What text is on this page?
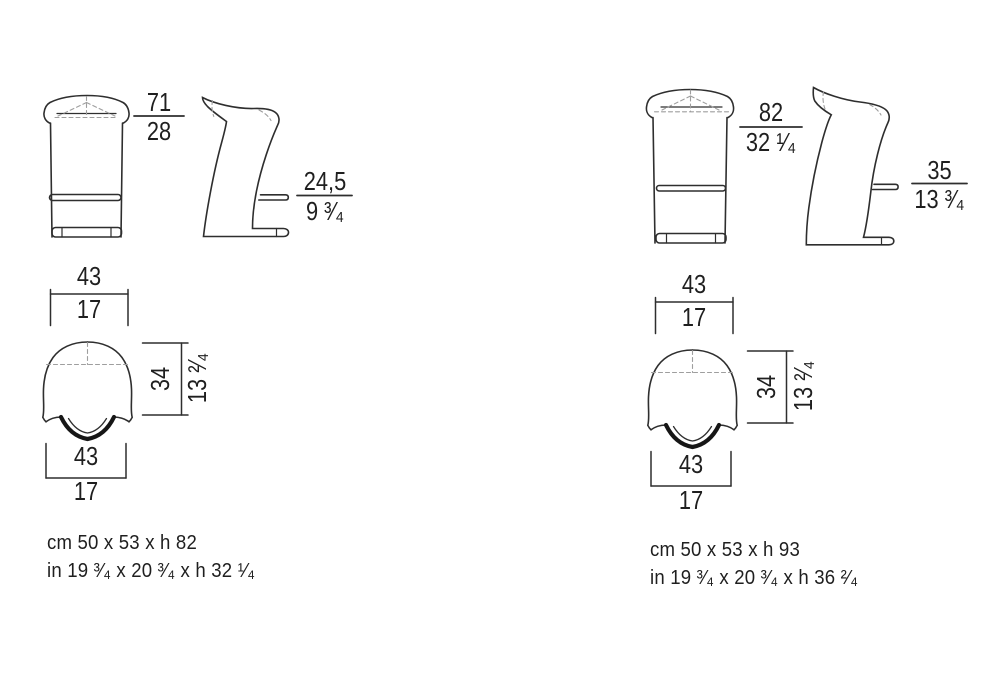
71
28
24,5
9 ³⁄₄
43
17
34 13 ²⁄₄
43
17
cm 50 x 53 x h 82
in 19 ³⁄₄ x 20 ³⁄₄ x h 32 ¹⁄₄
82
32 ¹⁄₄
35
13 ³⁄₄
43
17
34 13 ²⁄₄
43
17
cm 50 x 53 x h 93
in 19 ³⁄₄ x 20 ³⁄₄ x h 36 ²⁄₄
